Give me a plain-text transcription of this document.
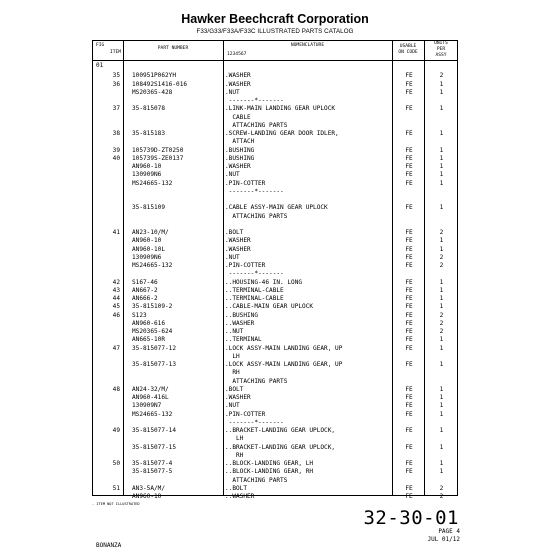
Hawker Beechcraft Corporation
F33/G33/F33A/F33C ILLUSTRATED PARTS CATALOG
FIG
ITEM
PART NUMBER
NOMENCLATURE
1234567
USABLE
ON CODE
UNITS
PER
ASSY
01
35 100951P062YH	.WASHER	FE	2
36 108492S1416-016	.WASHER	FE	1
MS20365-428	.NUT	FE	1
-------*-------
37 35-815078	.LINK-MAIN LANDING GEAR UPLOCK	FE	1
CABLE
ATTACHING PARTS
38 35-815183	.SCREW-LANDING GEAR DOOR IDLER,	FE	1
ATTACH
39 105739D-ZT0250	.BUSHING	FE	1
40 105739S-ZE0137	.BUSHING	FE	1
AN960-10	.WASHER	FE	1
130909N6	.NUT	FE	1
MS24665-132	.PIN-COTTER	FE	1
-------*-------
35-815109	.CABLE ASSY-MAIN GEAR UPLOCK	FE	1
ATTACHING PARTS
41 AN23-10/M/	.BOLT	FE	2
AN960-10	.WASHER	FE	1
AN960-10L	.WASHER	FE	1
130909N6	.NUT	FE	2
MS24665-132	.PIN-COTTER	FE	2
-------*-------
42 S167-46	..HOUSING-46 IN. LONG	FE	1
43 AN667-2	..TERMINAL-CABLE	FE	1
44 AN666-2	..TERMINAL-CABLE	FE	1
45 35-815109-2	..CABLE-MAIN GEAR UPLOCK	FE	1
46 S123	..BUSHING	FE	2
AN960-616	..WASHER	FE	2
MS20365-624	..NUT	FE	2
AN665-10R	..TERMINAL	FE	1
47 35-815077-12	.LOCK ASSY-MAIN LANDING GEAR, UP	FE	1
LH
35-815077-13	.LOCK ASSY-MAIN LANDING GEAR, UP	FE	1
RH
ATTACHING PARTS
48 AN24-32/M/	.BOLT	FE	1
AN960-416L	.WASHER	FE	1
130909N7	.NUT	FE	1
MS24665-132	.PIN-COTTER	FE	1
-------*-------
49 35-815077-14	..BRACKET-LANDING GEAR UPLOCK,	FE	1
LH
35-815077-15	..BRACKET-LANDING GEAR UPLOCK,	FE	1
RH
50 35-815077-4	..BLOCK-LANDING GEAR, LH	FE	1
35-815077-5	..BLOCK-LANDING GEAR, RH	FE	1
ATTACHING PARTS
51 AN3-5A/M/	..BOLT	FE	2
AN960-10	..WASHER	FE	2
- ITEM NOT ILLUSTRATED
32-30-01
PAGE 4
JUL 01/12
BONANZA
